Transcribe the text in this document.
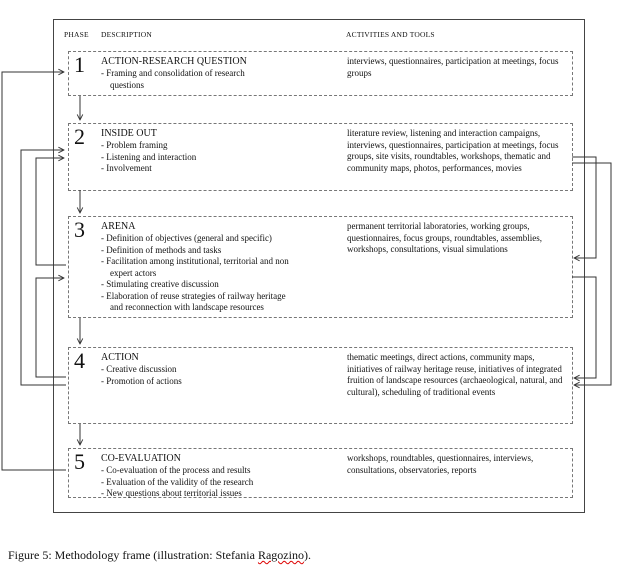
PHASE DESCRIPTION	ACTIVITIES AND TOOLS
1 ACTION-RESEARCH QUESTION
- Framing and consolidation of research
questions
interviews, questionnaires, participation at meetings, focus groups
2 INSIDE OUT
- Problem framing
- Listening and interaction
- Involvement
literature review, listening and interaction campaigns, interviews, questionnaires, participation at meetings, focus groups, site visits, roundtables, workshops, thematic and community maps, photos, performances, movies
3 ARENA
- Definition of objectives (general and specific)
- Definition of methods and tasks
- Facilitation among institutional, territorial and non
expert actors
- Stimulating creative discussion
- Elaboration of reuse strategies of railway heritage
and reconnection with landscape resources
permanent territorial laboratories, working groups, questionnaires, focus groups, roundtables, assemblies, workshops, consultations, visual simulations
4 ACTION
- Creative discussion
- Promotion of actions
thematic meetings, direct actions, community maps, initiatives of railway heritage reuse, initiatives of integrated fruition of landscape resources (archaeological, natural, and cultural), scheduling of traditional events
5 CO-EVALUATION
- Co-evaluation of the process and results
- Evaluation of the validity of the research
- New questions about territorial issues
workshops, roundtables, questionnaires, interviews, consultations, observatories, reports
Figure 5: Methodology frame (illustration: Stefania Ragozino).
